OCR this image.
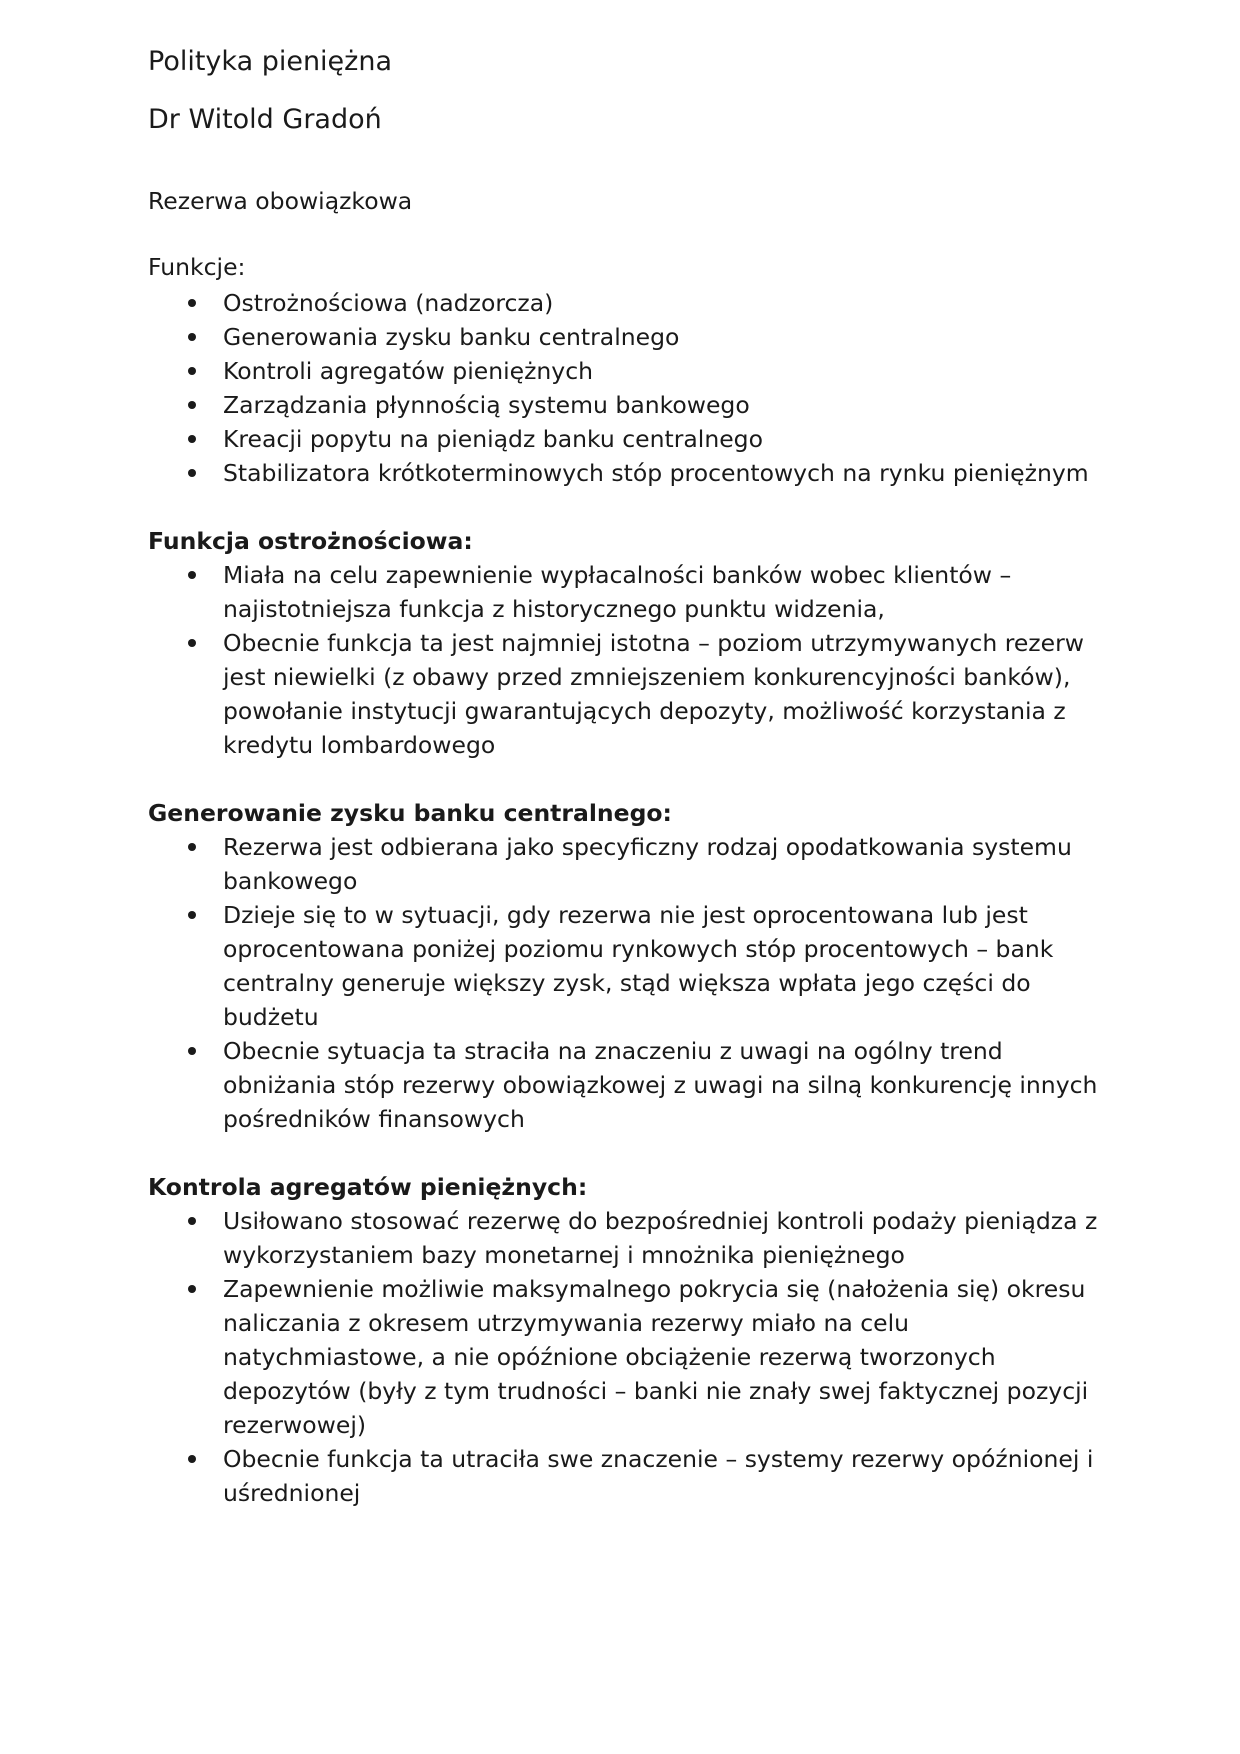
Polityka pieniężna
Dr Witold Gradoń
Rezerwa obowiązkowa
Funkcje:
Ostrożnościowa (nadzorcza)
Generowania zysku banku centralnego
Kontroli agregatów pieniężnych
Zarządzania płynnością systemu bankowego
Kreacji popytu na pieniądz banku centralnego
Stabilizatora krótkoterminowych stóp procentowych na rynku pieniężnym
Funkcja ostrożnościowa:
Miała na celu zapewnienie wypłacalności banków wobec klientów – najistotniejsza funkcja z historycznego punktu widzenia,
Obecnie funkcja ta jest najmniej istotna – poziom utrzymywanych rezerw jest niewielki (z obawy przed zmniejszeniem konkurencyjności banków), powołanie instytucji gwarantujących depozyty, możliwość korzystania z kredytu lombardowego
Generowanie zysku banku centralnego:
Rezerwa jest odbierana jako specyficzny rodzaj opodatkowania systemu bankowego
Dzieje się to w sytuacji, gdy rezerwa nie jest oprocentowana lub jest oprocentowana poniżej poziomu rynkowych stóp procentowych – bank centralny generuje większy zysk, stąd większa wpłata jego części do budżetu
Obecnie sytuacja ta straciła na znaczeniu z uwagi na ogólny trend obniżania stóp rezerwy obowiązkowej z uwagi na silną konkurencję innych pośredników finansowych
Kontrola agregatów pieniężnych:
Usiłowano stosować rezerwę do bezpośredniej kontroli podaży pieniądza z wykorzystaniem bazy monetarnej i mnożnika pieniężnego
Zapewnienie możliwie maksymalnego pokrycia się (nałożenia się) okresu naliczania z okresem utrzymywania rezerwy miało na celu natychmiastowe, a nie opóźnione obciążenie rezerwą tworzonych depozytów (były z tym trudności – banki nie znały swej faktycznej pozycji rezerwowej)
Obecnie funkcja ta utraciła swe znaczenie – systemy rezerwy opóźnionej i uśrednionej
